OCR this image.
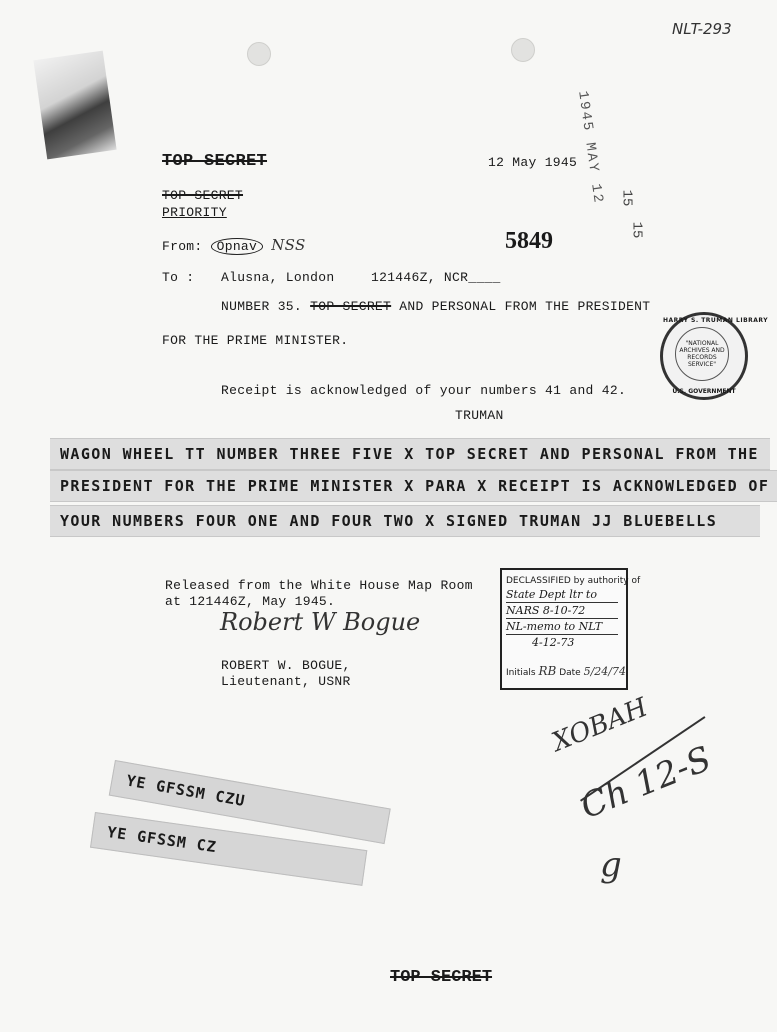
NLT-293
1945 MAY 12 15
15
TOP SECRET	12 May 1945
TOP SECRET
PRIORITY
From: Opnav NSS	5849
To : Alusna, London	121446Z, NCR____
NUMBER 35. TOP SECRET AND PERSONAL FROM THE PRESIDENT
FOR THE PRIME MINISTER.
Receipt is acknowledged of your numbers 41 and 42.
TRUMAN
HARRY S. TRUMAN LIBRARY
"NATIONAL ARCHIVES AND RECORDS SERVICE"
U.S. GOVERNMENT
WAGON WHEEL TT NUMBER THREE FIVE X TOP SECRET AND PERSONAL FROM THE
PRESIDENT FOR THE PRIME MINISTER X PARA X RECEIPT IS ACKNOWLEDGED OF
YOUR NUMBERS FOUR ONE AND FOUR TWO X SIGNED TRUMAN JJ BLUEBELLS
Released from the White House Map Room
at 121446Z, May 1945.
Robert W Bogue
ROBERT W. BOGUE,
Lieutenant, USNR
DECLASSIFIED by authority of
State Dept ltr to
NARS 8-10-72
NL-memo to NLT
4-12-73
Initials RB Date 5/24/74
YE GFSSM CZU
YE GFSSM CZ
XOBAH
Ch 12-S
g
TOP SECRET
